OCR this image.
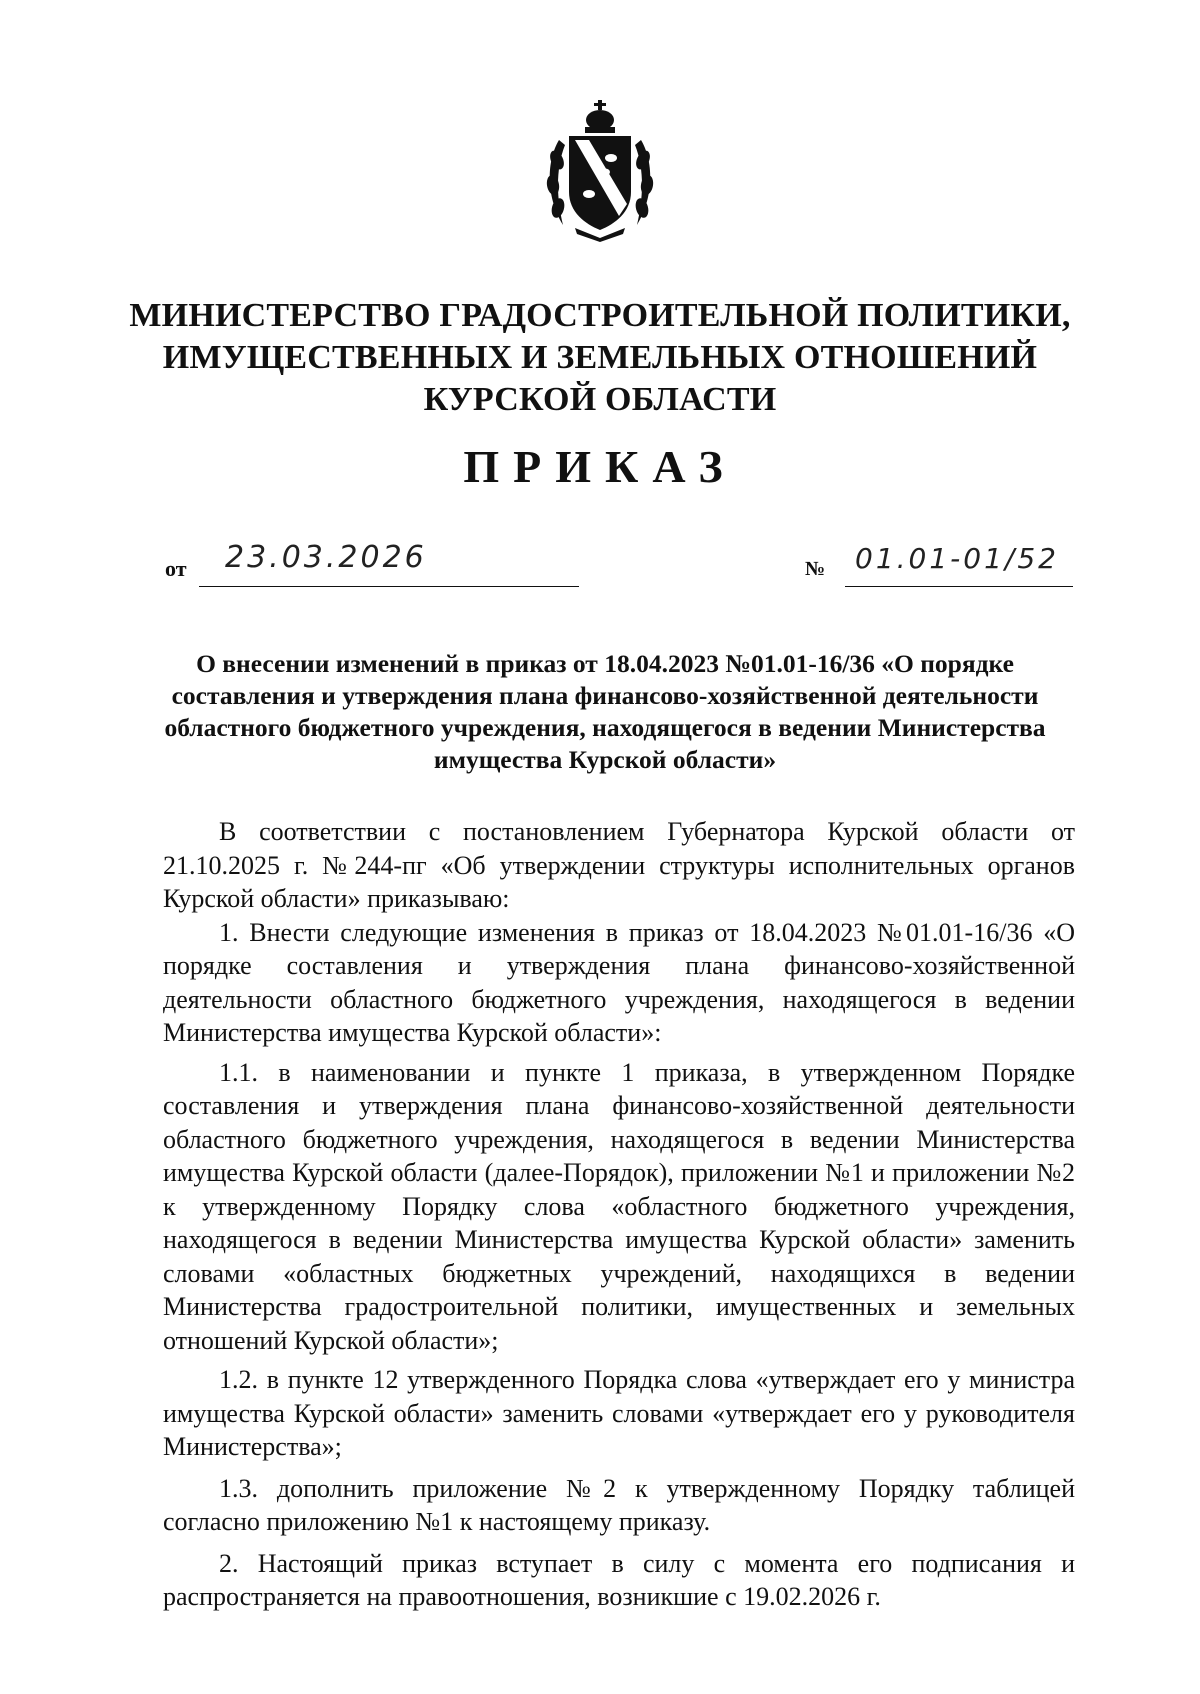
МИНИСТЕРСТВО ГРАДОСТРОИТЕЛЬНОЙ ПОЛИТИКИ,
ИМУЩЕСТВЕННЫХ И ЗЕМЕЛЬНЫХ ОТНОШЕНИЙ
КУРСКОЙ ОБЛАСТИ
ПРИКАЗ
от 23.03.2026	№ 01.01-01/52
О внесении изменений в приказ от 18.04.2023 №01.01-16/36 «О порядке составления и утверждения плана финансово-хозяйственной деятельности областного бюджетного учреждения, находящегося в ведении Министерства имущества Курской области»

В соответствии с постановлением Губернатора Курской области от 21.10.2025 г. №244-пг «Об утверждении структуры исполнительных органов Курской области» приказываю:

1. Внести следующие изменения в приказ от 18.04.2023 №01.01-16/36 «О порядке составления и утверждения плана финансово-хозяйственной деятельности областного бюджетного учреждения, находящегося в ведении Министерства имущества Курской области»:

1.1. в наименовании и пункте 1 приказа, в утвержденном Порядке составления и утверждения плана финансово-хозяйственной деятельности областного бюджетного учреждения, находящегося в ведении Министерства имущества Курской области (далее-Порядок), приложении №1 и приложении №2 к утвержденному Порядку слова «областного бюджетного учреждения, находящегося в ведении Министерства имущества Курской области» заменить словами «областных бюджетных учреждений, находящихся в ведении Министерства градостроительной политики, имущественных и земельных отношений Курской области»;

1.2. в пункте 12 утвержденного Порядка слова «утверждает его у министра имущества Курской области» заменить словами «утверждает его у руководителя Министерства»;

1.3. дополнить приложение №2 к утвержденному Порядку таблицей согласно приложению №1 к настоящему приказу.

2. Настоящий приказ вступает в силу с момента его подписания и распространяется на правоотношения, возникшие с 19.02.2026 г.
